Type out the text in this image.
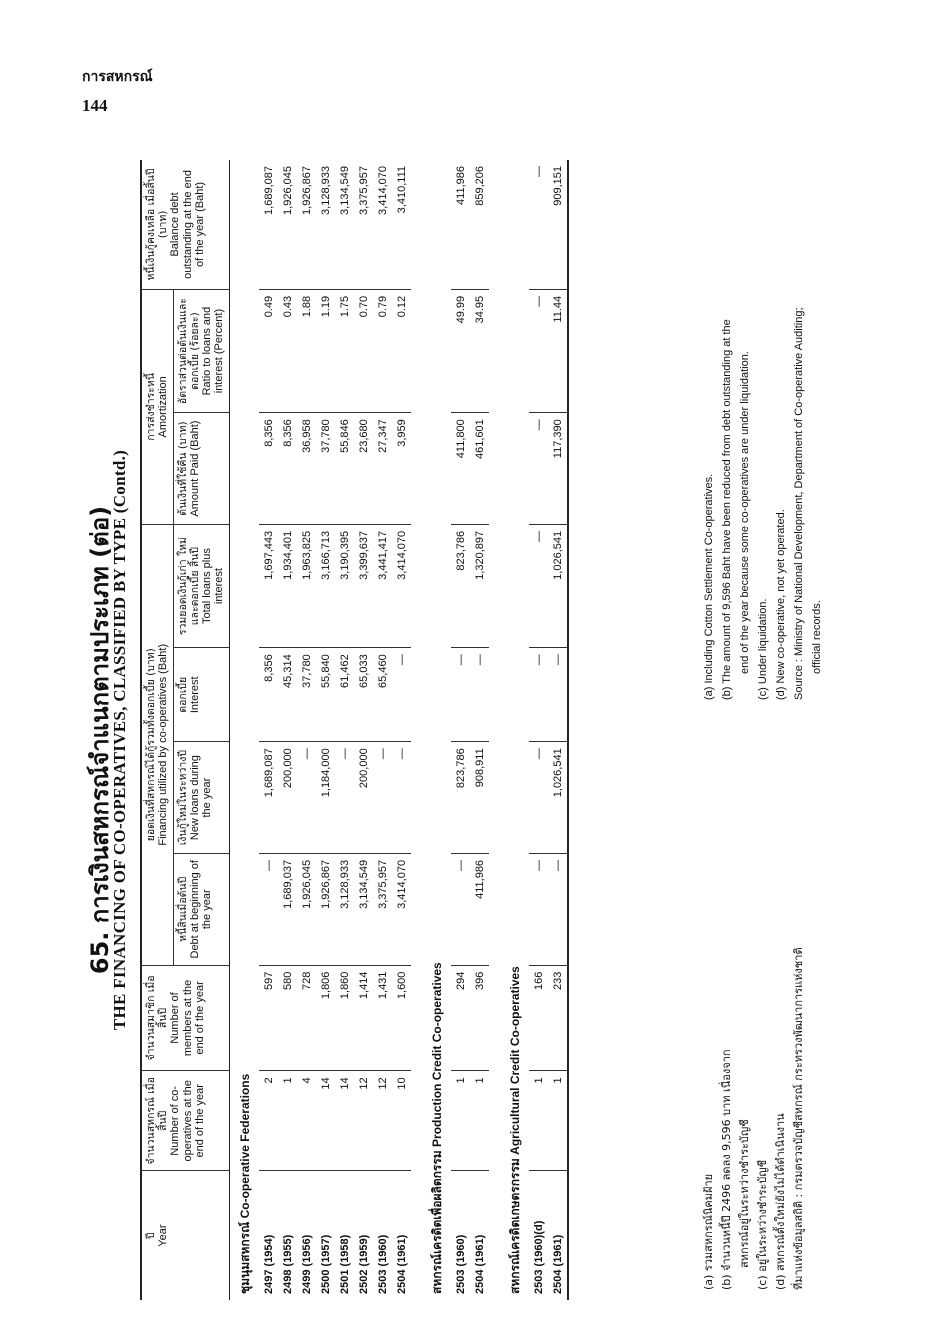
การสหกรณ์
144
65. การเงินสหกรณ์จำแนกตามประเภท (ต่อ)
THE FINANCING OF CO-OPERATIVES, CLASSIFIED BY TYPE (Contd.)
ปี Year	จำนวนสหกรณ์ เมื่อสิ้นปี Number of co-operatives at the end of the year	จำนวนสมาชิก เมื่อสิ้นปี Number of members at the end of the year	ยอดเงินที่สหกรณ์ได้กู้รวมทั้งดอกเบี้ย (บาท) Financing utilized by co-operatives (Baht)				การส่งชำระหนี้ Amortization		หนี้เงินกู้คงเหลือ เมื่อสิ้นปี (บาท) Balance debt outstanding at the end of the year (Baht)

			หนี้สินเมื่อต้นปี Debt at beginning of the year	เงินกู้ใหม่ในระหว่างปี New loans during the year	ดอกเบี้ย Interest	รวมยอดเงินกู้เก่า ใหม่และดอกเบี้ย สิ้นปี Total loans plus interest	ต้นเงินที่ใช้คืน (บาท) Amount Paid (Baht)	อัตราส่วนต่อต้นเงินและดอกเบี้ย (ร้อยละ) Ratio to loans and interest (Percent)	
ชุมนุมสหกรณ์ Co-operative Federations									
2497 (1954)	2	597	—	1,689,087	8,356	1,697,443	8,356	0.49	1,689,087
2498 (1955)	1	580	1,689,037	200,000	45,314	1,934,401	8,356	0.43	1,926,045
2499 (1956)	4	728	1,926,045	—	37,780	1,963,825	36,958	1.88	1,926,867
2500 (1957)	14	1,806	1,926,867	1,184,000	55,840	3,166,713	37,780	1.19	3,128,933
2501 (1958)	14	1,860	3,128,933	—	61,462	3,190,395	55,846	1.75	3,134,549
2502 (1959)	12	1,414	3,134,549	200,000	65,033	3,399,637	23,680	0.70	3,375,957
2503 (1960)	12	1,431	3,375,957	—	65,460	3,441,417	27,347	0.79	3,414,070
2504 (1961)	10	1,600	3,414,070	—	—	3,414,070	3,959	0.12	3,410,111

สหกรณ์เครดิตเพื่อผลิตกรรม Production Credit Co-operatives									
2503 (1960)	1	294	—	823,786	—	823,786	411,800	49.99	411,986
2504 (1961)	1	396	411,986	908,911	—	1,320,897	461,601	34.95	859,206

สหกรณ์เครดิตเกษตรกรรม Agricultural Credit Co-operatives									
2503 (1960)(d)	1	166	—	—	—	—	—	—	—
2504 (1961)	1	233	—	1,026,541	—	1,026,541	117,390	11.44	909,151
(a) รวมสหกรณ์นิคมฝ้าย (b) จำนวนหนี้ปี 2496 ลดลง 9,596 บาท เนื่องจาก สหกรณ์อยู่ในระหว่างชำระบัญชี (c) อยู่ในระหว่างชำระบัญชี (d) สหกรณ์ตั้งใหม่ยังไม่ได้ดำเนินงาน ที่มาแห่งข้อมูลสถิติ : กรมตรวจบัญชีสหกรณ์ กระทรวงพัฒนาการแห่งชาติ
(a) Including Cotton Settlement Co-operatives. (b) The amount of 9,596 Baht have been reduced from debt outstanding at the end of the year because some co-operatives are under liquidation. (c) Under liquidation. (d) New co-operative, not yet operated. Source : Ministry of National Development, Department of Co-operative Auditing; official records.
